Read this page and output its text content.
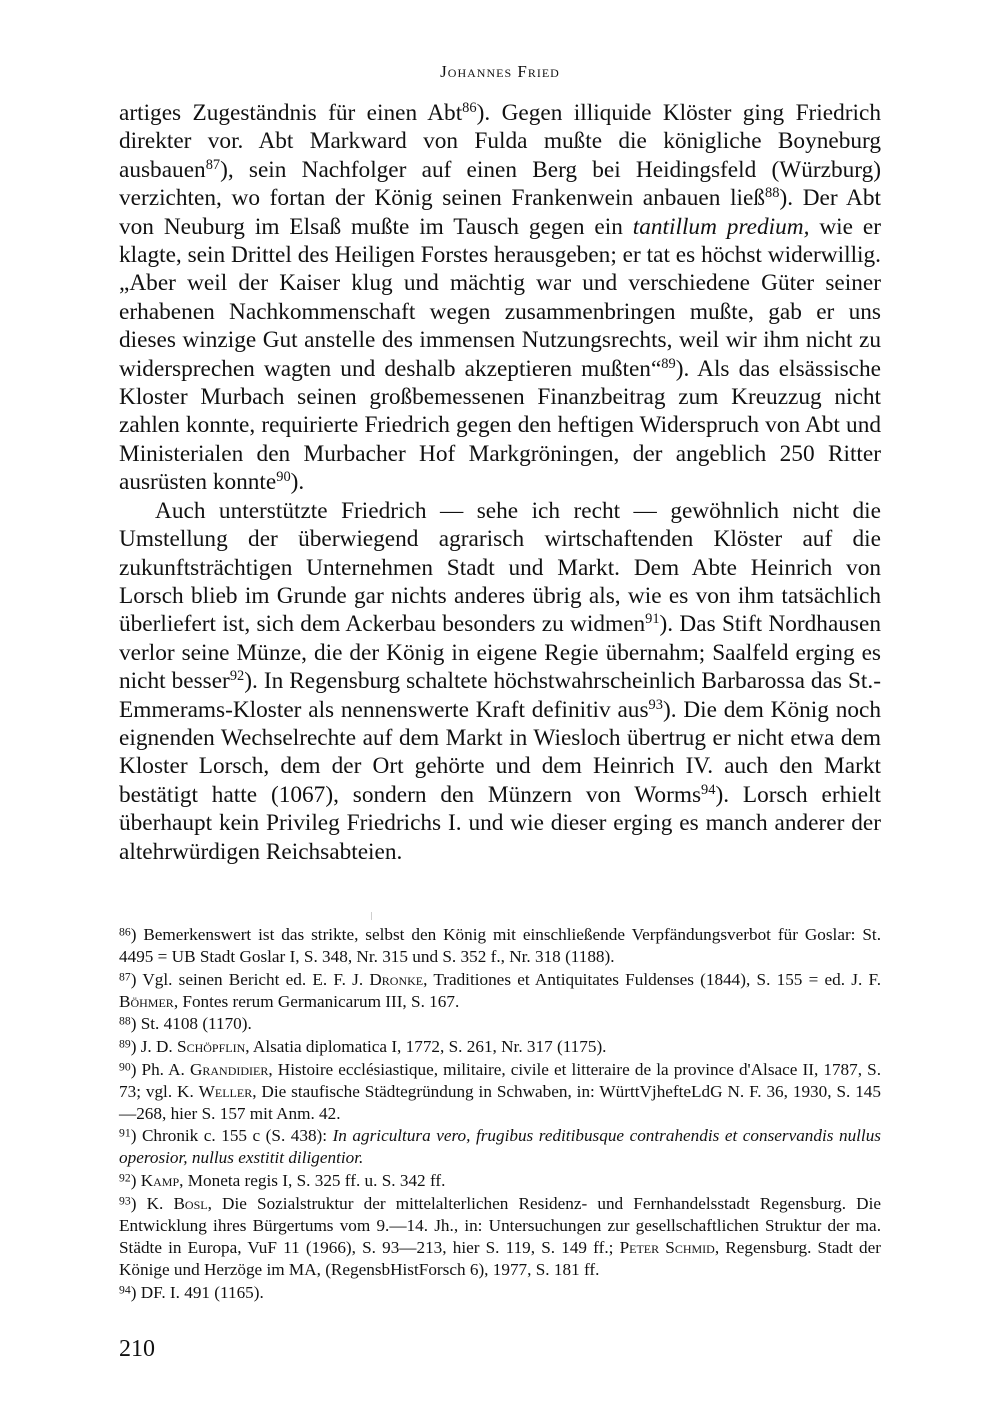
Johannes Fried

artiges Zugeständnis für einen Abt$^{86}$). Gegen illiquide Klöster ging Friedrich direkter vor. Abt Markward von Fulda mußte die königliche Boyneburg ausbauen$^{87}$), sein Nachfolger auf einen Berg bei Heidingsfeld (Würzburg) verzichten, wo fortan der König seinen Frankenwein anbauen ließ$^{88}$). Der Abt von Neuburg im Elsaß mußte im Tausch gegen ein tantillum predium, wie er klagte, sein Drittel des Heiligen Forstes herausgeben; er tat es höchst widerwillig. „Aber weil der Kaiser klug und mächtig war und verschiedene Güter seiner erhabenen Nachkommenschaft wegen zusammenbringen mußte, gab er uns dieses winzige Gut anstelle des immensen Nutzungsrechts, weil wir ihm nicht zu widersprechen wagten und deshalb akzeptieren mußten“$^{89}$). Als das elsässische Kloster Murbach seinen großbemessenen Finanzbeitrag zum Kreuzzug nicht zahlen konnte, requirierte Friedrich gegen den heftigen Widerspruch von Abt und Ministerialen den Murbacher Hof Markgröningen, der angeblich 250 Ritter ausrüsten konnte$^{90}$).

Auch unterstützte Friedrich — sehe ich recht — gewöhnlich nicht die Umstellung der überwiegend agrarisch wirtschaftenden Klöster auf die zukunftsträchtigen Unternehmen Stadt und Markt. Dem Abte Heinrich von Lorsch blieb im Grunde gar nichts anderes übrig als, wie es von ihm tatsächlich überliefert ist, sich dem Ackerbau besonders zu widmen$^{91}$). Das Stift Nordhausen verlor seine Münze, die der König in eigene Regie übernahm; Saalfeld erging es nicht besser$^{92}$). In Regensburg schaltete höchstwahrscheinlich Barbarossa das St.-Emmerams-Kloster als nennenswerte Kraft definitiv aus$^{93}$). Die dem König noch eignenden Wechselrechte auf dem Markt in Wiesloch übertrug er nicht etwa dem Kloster Lorsch, dem der Ort gehörte und dem Heinrich IV. auch den Markt bestätigt hatte (1067), sondern den Münzern von Worms$^{94}$). Lorsch erhielt überhaupt kein Privileg Friedrichs I. und wie dieser erging es manch anderer der altehrwürdigen Reichsabteien.

$^{86}$) Bemerkenswert ist das strikte, selbst den König mit einschließende Verpfändungsverbot für Goslar: St. 4495 = UB Stadt Goslar I, S. 348, Nr. 315 und S. 352 f., Nr. 318 (1188).

$^{87}$) Vgl. seinen Bericht ed. E. F. J. Dronke, Traditiones et Antiquitates Fuldenses (1844), S. 155 = ed. J. F. Böhmer, Fontes rerum Germanicarum III, S. 167.

$^{88}$) St. 4108 (1170).

$^{89}$) J. D. Schöpflin, Alsatia diplomatica I, 1772, S. 261, Nr. 317 (1175).

$^{90}$) Ph. A. Grandidier, Histoire ecclésiastique, militaire, civile et litteraire de la province d'Alsace II, 1787, S. 73; vgl. K. Weller, Die staufische Städtegründung in Schwaben, in: WürttVjhefteLdG N. F. 36, 1930, S. 145—268, hier S. 157 mit Anm. 42.

$^{91}$) Chronik c. 155 c (S. 438): In agricultura vero, frugibus reditibusque contrahendis et conservandis nullus operosior, nullus exstitit diligentior.

$^{92}$) Kamp, Moneta regis I, S. 325 ff. u. S. 342 ff.

$^{93}$) K. Bosl, Die Sozialstruktur der mittelalterlichen Residenz- und Fernhandelsstadt Regensburg. Die Entwicklung ihres Bürgertums vom 9.—14. Jh., in: Untersuchungen zur gesellschaftlichen Struktur der ma. Städte in Europa, VuF 11 (1966), S. 93—213, hier S. 119, S. 149 ff.; Peter Schmid, Regensburg. Stadt der Könige und Herzöge im MA, (RegensbHistForsch 6), 1977, S. 181 ff.

$^{94}$) DF. I. 491 (1165).

210
